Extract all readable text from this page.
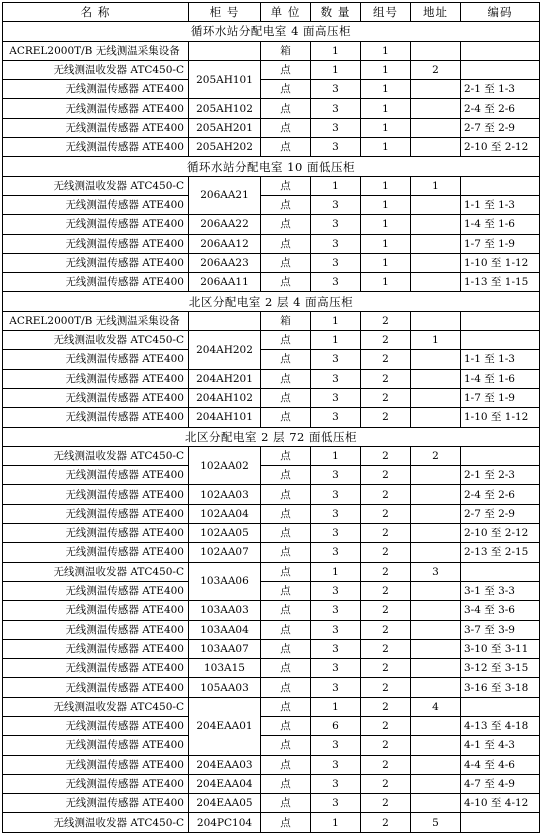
名 称	柜 号	单 位	数 量	组号	地址	编码
循环水站分配电室 4 面高压柜						
ACREL2000T/B 无线测温采集设备		箱	1	1		
无线测温收发器 ATC450-C	205AH101	点	1	1	2	
无线测温传感器 ATE400		点	3	1		2-1 至 1-3
无线测温传感器 ATE400	205AH102	点	3	1		2-4 至 2-6
无线测温传感器 ATE400	205AH201	点	3	1		2-7 至 2-9
无线测温传感器 ATE400	205AH202	点	3	1		2-10 至 2-12
循环水站分配电室 10 面低压柜						
无线测温收发器 ATC450-C	206AA21	点	1	1	1	
无线测温传感器 ATE400		点	3	1		1-1 至 1-3
无线测温传感器 ATE400	206AA22	点	3	1		1-4 至 1-6
无线测温传感器 ATE400	206AA12	点	3	1		1-7 至 1-9
无线测温传感器 ATE400	206AA23	点	3	1		1-10 至 1-12
无线测温传感器 ATE400	206AA11	点	3	1		1-13 至 1-15
北区分配电室 2 层 4 面高压柜						
ACREL2000T/B 无线测温采集设备		箱	1	2		
无线测温收发器 ATC450-C	204AH202	点	1	2	1	
无线测温传感器 ATE400		点	3	2		1-1 至 1-3
无线测温传感器 ATE400	204AH201	点	3	2		1-4 至 1-6
无线测温传感器 ATE400	204AH102	点	3	2		1-7 至 1-9
无线测温传感器 ATE400	204AH101	点	3	2		1-10 至 1-12
北区分配电室 2 层 72 面低压柜						
无线测温收发器 ATC450-C	102AA02	点	1	2	2	
无线测温传感器 ATE400		点	3	2		2-1 至 2-3
无线测温传感器 ATE400	102AA03	点	3	2		2-4 至 2-6
无线测温传感器 ATE400	102AA04	点	3	2		2-7 至 2-9
无线测温传感器 ATE400	102AA05	点	3	2		2-10 至 2-12
无线测温传感器 ATE400	102AA07	点	3	2		2-13 至 2-15
无线测温收发器 ATC450-C	103AA06	点	1	2	3	
无线测温传感器 ATE400		点	3	2		3-1 至 3-3
无线测温传感器 ATE400	103AA03	点	3	2		3-4 至 3-6
无线测温传感器 ATE400	103AA04	点	3	2		3-7 至 3-9
无线测温传感器 ATE400	103AA07	点	3	2		3-10 至 3-11
无线测温传感器 ATE400	103A15	点	3	2		3-12 至 3-15
无线测温传感器 ATE400	105AA03	点	3	2		3-16 至 3-18
无线测温收发器 ATC450-C	204EAA01	点	1	2	4	
无线测温传感器 ATE400		点	6	2		4-13 至 4-18
无线测温传感器 ATE400		点	3	2		4-1 至 4-3
无线测温传感器 ATE400	204EAA03	点	3	2		4-4 至 4-6
无线测温传感器 ATE400	204EAA04	点	3	2		4-7 至 4-9
无线测温传感器 ATE400	204EAA05	点	3	2		4-10 至 4-12
无线测温收发器 ATC450-C	204PC104	点	1	2	5	
